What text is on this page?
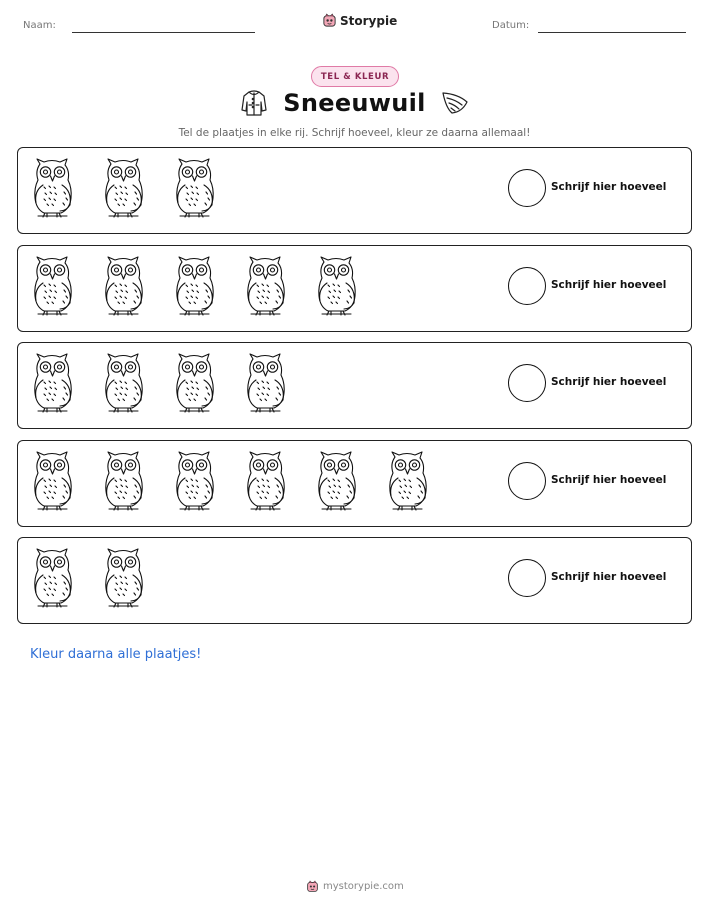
Naam:	Storypie	Datum:
TEL & KLEUR
Sneeuwuil
Tel de plaatjes in elke rij. Schrijf hoeveel, kleur ze daarna allemaal!
Schrijf hier hoeveel
Schrijf hier hoeveel
Schrijf hier hoeveel
Schrijf hier hoeveel
Schrijf hier hoeveel
Kleur daarna alle plaatjes!
mystorypie.com
